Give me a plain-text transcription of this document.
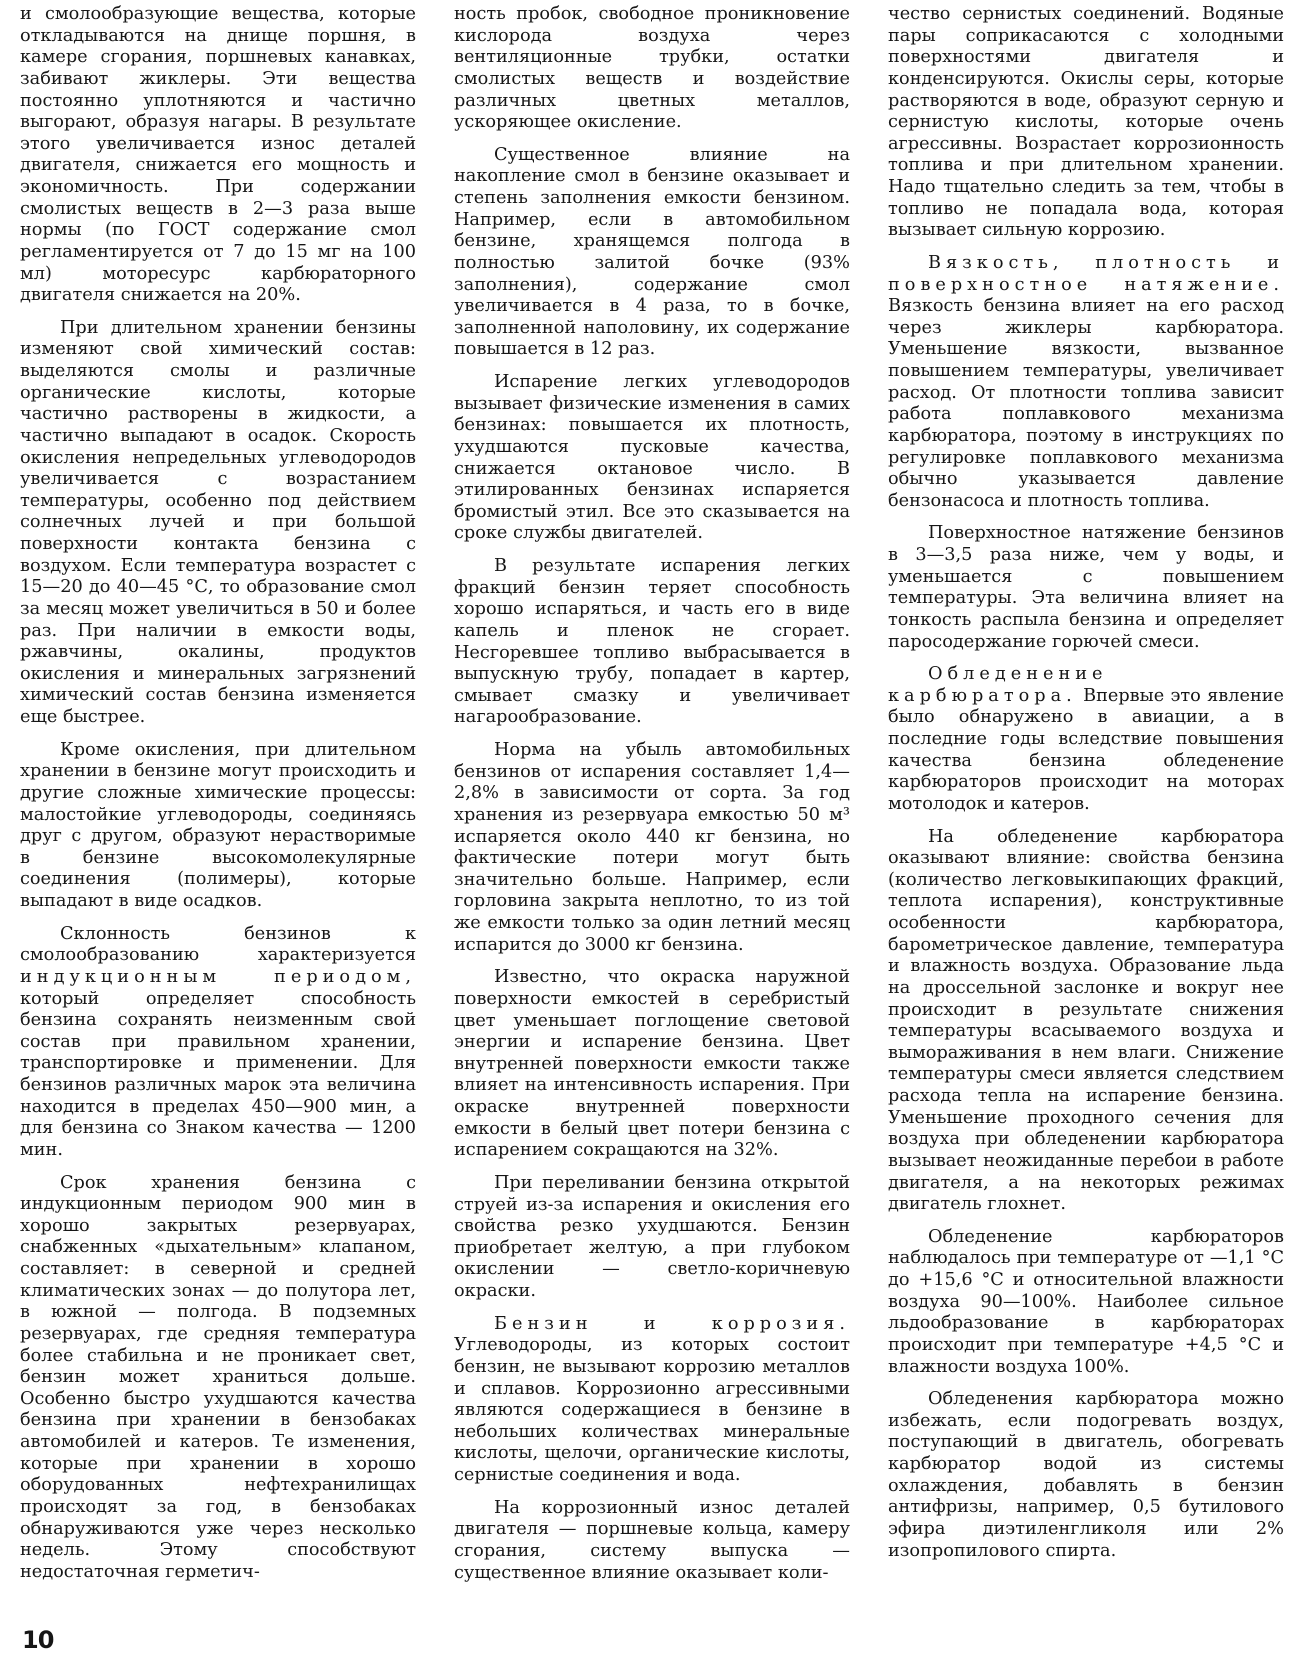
и смолообразующие вещества, которые откладываются на днище поршня, в камере сгорания, поршневых канавках, забивают жиклеры. Эти вещества постоянно уплотняются и частично выгорают, образуя нагары. В результате этого увеличивается износ деталей двигателя, снижается его мощность и экономичность. При содержании смолистых веществ в 2—3 раза выше нормы (по ГОСТ содержание смол регламентируется от 7 до 15 мг на 100 мл) моторесурс карбюраторного двигателя снижается на 20%.

При длительном хранении бензины изменяют свой химический состав: выделяются смолы и различные органические кислоты, которые частично растворены в жидкости, а частично выпадают в осадок. Скорость окисления непредельных углеводородов увеличивается с возрастанием температуры, особенно под действием солнечных лучей и при большой поверхности контакта бензина с воздухом. Если температура возрастет с 15—20 до 40—45 °С, то образование смол за месяц может увеличиться в 50 и более раз. При наличии в емкости воды, ржавчины, окалины, продуктов окисления и минеральных загрязнений химический состав бензина изменяется еще быстрее.

Кроме окисления, при длительном хранении в бензине могут происходить и другие сложные химические процессы: малостойкие углеводороды, соединяясь друг с другом, образуют нерастворимые в бензине высокомолекулярные соединения (полимеры), которые выпадают в виде осадков.

Склонность бензинов к смолообразованию характеризуется индукционным периодом, который определяет способность бензина сохранять неизменным свой состав при правильном хранении, транспортировке и применении. Для бензинов различных марок эта величина находится в пределах 450—900 мин, а для бензина со Знаком качества — 1200 мин.

Срок хранения бензина с индукционным периодом 900 мин в хорошо закрытых резервуарах, снабженных «дыхательным» клапаном, составляет: в северной и средней климатических зонах — до полутора лет, в южной — полгода. В подземных резервуарах, где средняя температура более стабильна и не проникает свет, бензин может храниться дольше. Особенно быстро ухудшаются качества бензина при хранении в бензобаках автомобилей и катеров. Те изменения, которые при хранении в хорошо оборудованных нефтехранилищах происходят за год, в бензобаках обнаруживаются уже через несколько недель. Этому способствуют недостаточная герметич-

ность пробок, свободное проникновение кислорода воздуха через вентиляционные трубки, остатки смолистых веществ и воздействие различных цветных металлов, ускоряющее окисление.

Существенное влияние на накопление смол в бензине оказывает и степень заполнения емкости бензином. Например, если в автомобильном бензине, хранящемся полгода в полностью залитой бочке (93% заполнения), содержание смол увеличивается в 4 раза, то в бочке, заполненной наполовину, их содержание повышается в 12 раз.

Испарение легких углеводородов вызывает физические изменения в самих бензинах: повышается их плотность, ухудшаются пусковые качества, снижается октановое число. В этилированных бензинах испаряется бромистый этил. Все это сказывается на сроке службы двигателей.

В результате испарения легких фракций бензин теряет способность хорошо испаряться, и часть его в виде капель и пленок не сгорает. Несгоревшее топливо выбрасывается в выпускную трубу, попадает в картер, смывает смазку и увеличивает нагарообразование.

Норма на убыль автомобильных бензинов от испарения составляет 1,4—2,8% в зависимости от сорта. За год хранения из резервуара емкостью 50 м³ испаряется около 440 кг бензина, но фактические потери могут быть значительно больше. Например, если горловина закрыта неплотно, то из той же емкости только за один летний месяц испарится до 3000 кг бензина.

Известно, что окраска наружной поверхности емкостей в серебристый цвет уменьшает поглощение световой энергии и испарение бензина. Цвет внутренней поверхности емкости также влияет на интенсивность испарения. При окраске внутренней поверхности емкости в белый цвет потери бензина с испарением сокращаются на 32%.

При переливании бензина открытой струей из-за испарения и окисления его свойства резко ухудшаются. Бензин приобретает желтую, а при глубоком окислении — светло-коричневую окраски.

Бензин и коррозия. Углеводороды, из которых состоит бензин, не вызывают коррозию металлов и сплавов. Коррозионно агрессивными являются содержащиеся в бензине в небольших количествах минеральные кислоты, щелочи, органические кислоты, сернистые соединения и вода.

На коррозионный износ деталей двигателя — поршневые кольца, камеру сгорания, систему выпуска — существенное влияние оказывает коли-

чество сернистых соединений. Водяные пары соприкасаются с холодными поверхностями двигателя и конденсируются. Окислы серы, которые растворяются в воде, образуют серную и сернистую кислоты, которые очень агрессивны. Возрастает коррозионность топлива и при длительном хранении. Надо тщательно следить за тем, чтобы в топливо не попадала вода, которая вызывает сильную коррозию.

Вязкость, плотность и поверхностное натяжение. Вязкость бензина влияет на его расход через жиклеры карбюратора. Уменьшение вязкости, вызванное повышением температуры, увеличивает расход. От плотности топлива зависит работа поплавкового механизма карбюратора, поэтому в инструкциях по регулировке поплавкового механизма обычно указывается давление бензонасоса и плотность топлива.

Поверхностное натяжение бензинов в 3—3,5 раза ниже, чем у воды, и уменьшается с повышением температуры. Эта величина влияет на тонкость распыла бензина и определяет паросодержание горючей смеси.

Обледенение карбюратора. Впервые это явление было обнаружено в авиации, а в последние годы вследствие повышения качества бензина обледенение карбюраторов происходит на моторах мотолодок и катеров.

На обледенение карбюратора оказывают влияние: свойства бензина (количество легковыкипающих фракций, теплота испарения), конструктивные особенности карбюратора, барометрическое давление, температура и влажность воздуха. Образование льда на дроссельной заслонке и вокруг нее происходит в результате снижения температуры всасываемого воздуха и вымораживания в нем влаги. Снижение температуры смеси является следствием расхода тепла на испарение бензина. Уменьшение проходного сечения для воздуха при обледенении карбюратора вызывает неожиданные перебои в работе двигателя, а на некоторых режимах двигатель глохнет.

Обледенение карбюраторов наблюдалось при температуре от —1,1 °С до +15,6 °С и относительной влажности воздуха 90—100%. Наиболее сильное льдообразование в карбюраторах происходит при температуре +4,5 °С и влажности воздуха 100%.

Обледенения карбюратора можно избежать, если подогревать воздух, поступающий в двигатель, обогревать карбюратор водой из системы охлаждения, добавлять в бензин антифризы, например, 0,5 бутилового эфира диэтиленгликоля или 2% изопропилового спирта.

10
